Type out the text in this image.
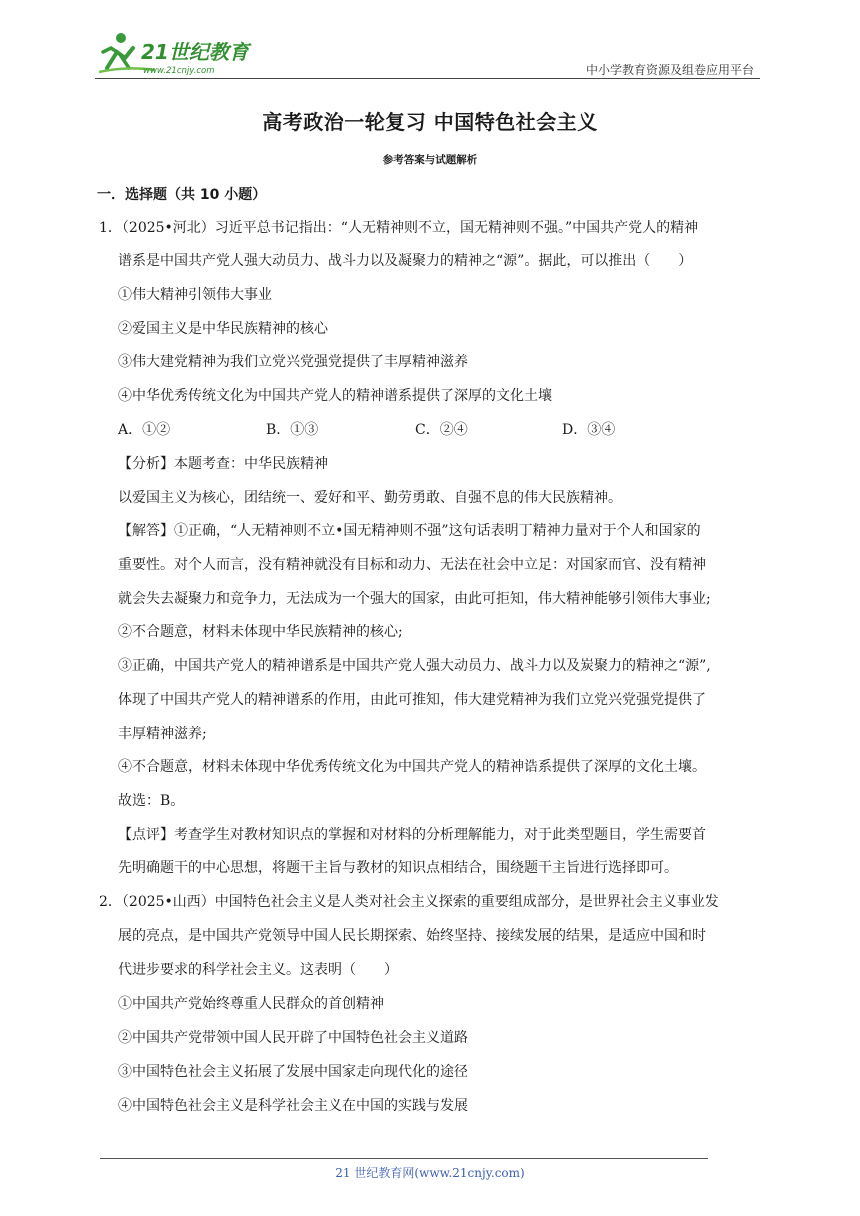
21世纪教育
www.21cnjy.com	中小学教育资源及组卷应用平台
高考政治一轮复习 中国特色社会主义
参考答案与试题解析
一．选择题（共 10 小题）
1．（2025•河北）习近平总书记指出：“人无精神则不立，国无精神则不强。”中国共产党人的精神
谱系是中国共产党人强大动员力、战斗力以及凝聚力的精神之“源”。据此，可以推出（　　）
①伟大精神引领伟大事业
②爱国主义是中华民族精神的核心
③伟大建党精神为我们立党兴党强党提供了丰厚精神滋养
④中华优秀传统文化为中国共产党人的精神谱系提供了深厚的文化土壤
A．①②	B．①③	C．②④	D．③④
【分析】本题考查：中华民族精神
以爱国主义为核心，团结统一、爱好和平、勤劳勇敢、自强不息的伟大民族精神。
【解答】①正确，“人无精神则不立•国无精神则不强”这句话表明丁精神力量对于个人和国家的
重要性。对个人而言，没有精神就没有目标和动力、无法在社会中立足：对国家而官、没有精神
就会失去凝聚力和竞争力，无法成为一个强大的国家，由此可拒知，伟大精神能够引领伟大事业;
②不合题意，材料未体现中华民族精神的核心;
③正确，中国共产党人的精神谱系是中国共产党人强大动员力、战斗力以及炭聚力的精神之“源”,
体现了中国共产党人的精神谱系的作用，由此可推知，伟大建党精神为我们立党兴党强党提供了
丰厚精神滋养;
④不合题意，材料未体现中华优秀传统文化为中国共产党人的精神诰系提供了深厚的文化土壤。
故选：B。
【点评】考查学生对教材知识点的掌握和对材料的分析理解能力，对于此类型题目，学生需要首
先明确题干的中心思想，将题干主旨与教材的知识点相结合，围绕题干主旨进行选择即可。
2．（2025•山西）中国特色社会主义是人类对社会主义探索的重要组成部分，是世界社会主义事业发
展的亮点，是中国共产党领导中国人民长期探索、始终坚持、接续发展的结果，是适应中国和时
代进步要求的科学社会主义。这表明（　　）
①中国共产党始终尊重人民群众的首创精神
②中国共产党带领中国人民开辟了中国特色社会主义道路
③中国特色社会主义拓展了发展中国家走向现代化的途径
④中国特色社会主义是科学社会主义在中国的实践与发展
21 世纪教育网(www.21cnjy.com)
